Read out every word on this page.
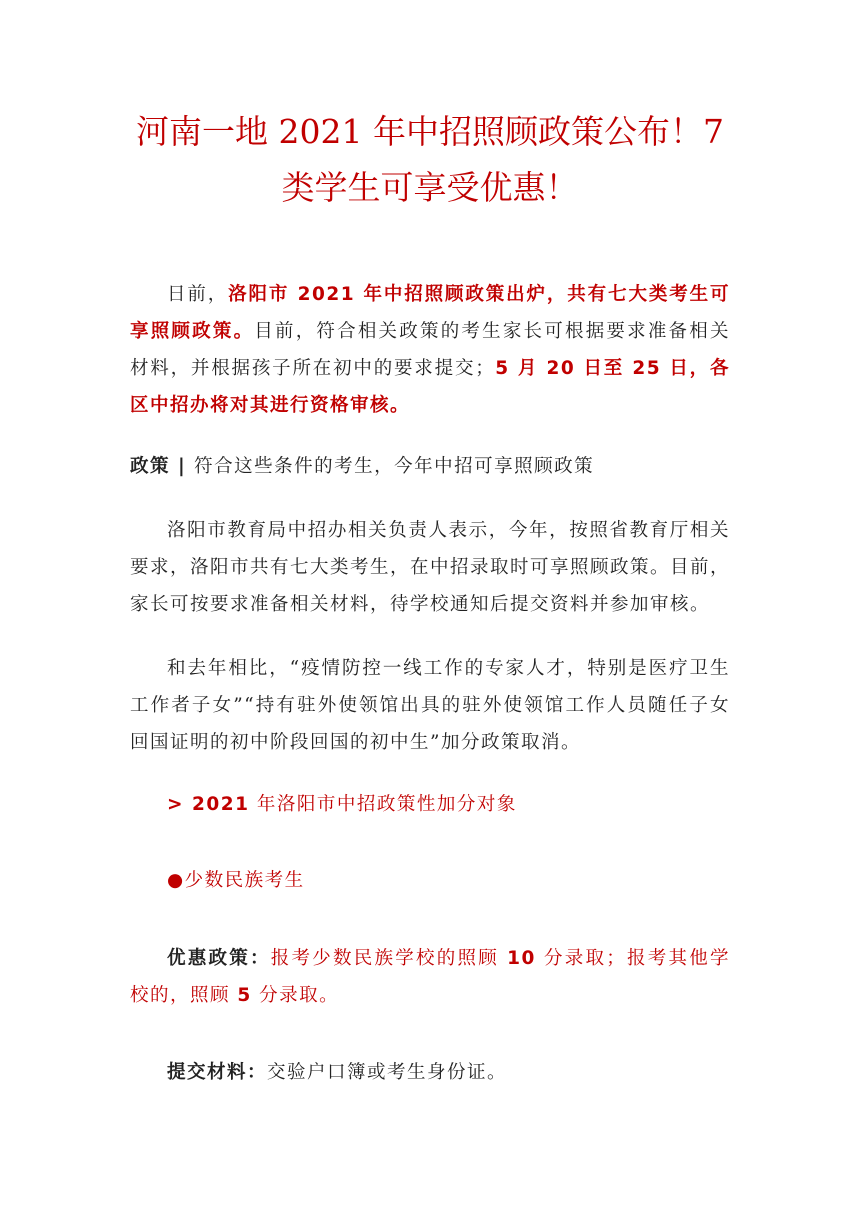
河南一地 2021 年中招照顾政策公布！7 类学生可享受优惠！

日前，洛阳市 2021 年中招照顾政策出炉，共有七大类考生可享照顾政策。目前，符合相关政策的考生家长可根据要求准备相关材料，并根据孩子所在初中的要求提交；5 月 20 日至 25 日，各区中招办将对其进行资格审核。

政策 | 符合这些条件的考生，今年中招可享照顾政策

洛阳市教育局中招办相关负责人表示，今年，按照省教育厅相关要求，洛阳市共有七大类考生，在中招录取时可享照顾政策。目前，家长可按要求准备相关材料，待学校通知后提交资料并参加审核。

和去年相比，“疫情防控一线工作的专家人才，特别是医疗卫生工作者子女”“持有驻外使领馆出具的驻外使领馆工作人员随任子女回国证明的初中阶段回国的初中生”加分政策取消。

> 2021 年洛阳市中招政策性加分对象

●少数民族考生

优惠政策：报考少数民族学校的照顾 10 分录取；报考其他学校的，照顾 5 分录取。

提交材料：交验户口簿或考生身份证。
